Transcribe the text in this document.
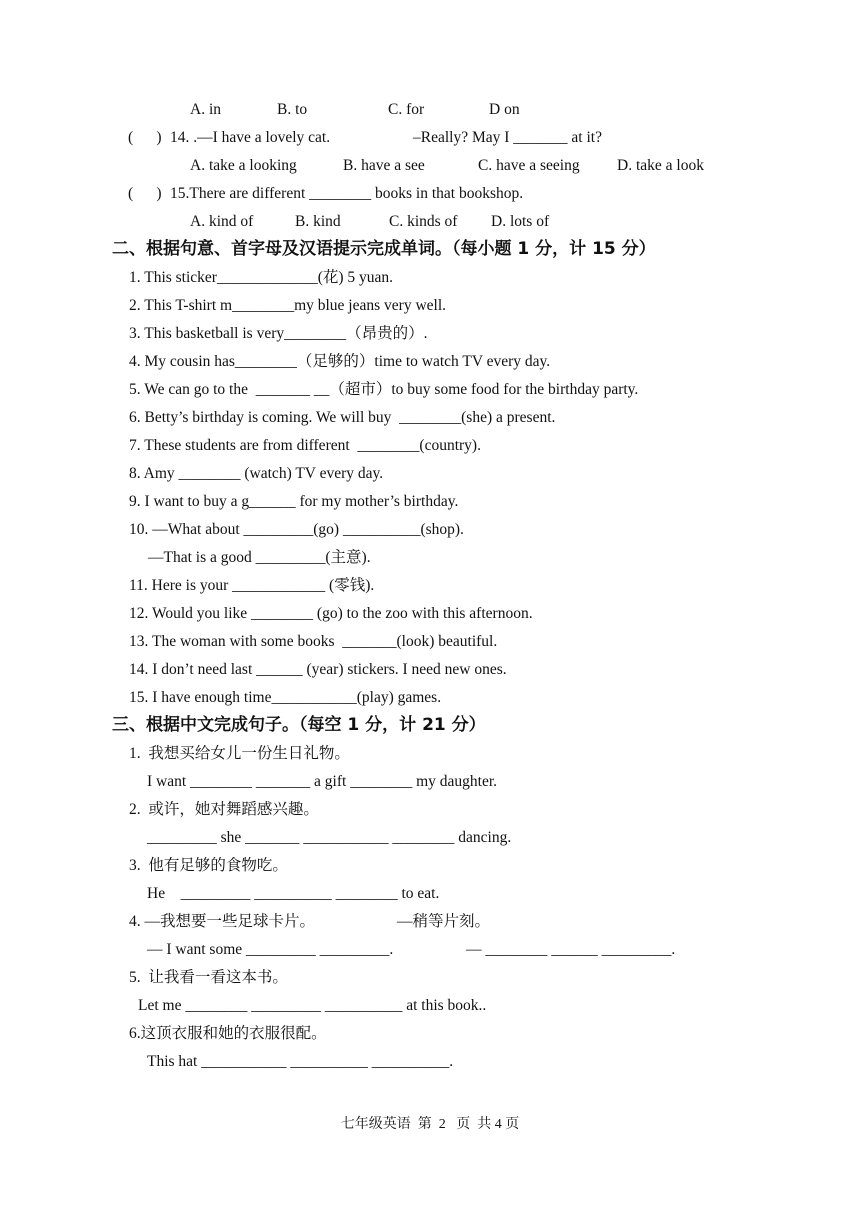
A. in	B. to	C. for	D on
(      ) 14. .—I have a lovely cat.	–Really? May I _______ at it?
A. take a looking	B. have a see	C. have a seeing D. take a look
(      ) 15.There are different ________ books in that bookshop.
A. kind of	B. kind	C. kinds of D. lots of
二、根据句意、首字母及汉语提示完成单词。（每小题 1 分，计 15 分）
1. This sticker_____________(花) 5 yuan.
2. This T-shirt m________my blue jeans very well.
3. This basketball is very________（昂贵的）.
4. My cousin has________（足够的）time to watch TV every day.
5. We can go to the  _______ __（超市）to buy some food for the birthday party.
6. Betty’s birthday is coming. We will buy  ________(she) a present.
7. These students are from different  ________(country).
8. Amy ________ (watch) TV every day.
9. I want to buy a g______ for my mother’s birthday.
10. —What about _________(go) __________(shop).
—That is a good _________(主意).
11. Here is your ____________ (零钱).
12. Would you like ________ (go) to the zoo with this afternoon.
13. The woman with some books  _______(look) beautiful.
14. I don’t need last ______ (year) stickers. I need new ones.
15. I have enough time___________(play) games.
三、根据中文完成句子。（每空 1 分，计 21 分）
1.  我想买给女儿一份生日礼物。
I want ________ _______ a gift ________ my daughter.
2.  或许，她对舞蹈感兴趣。
_________ she _______ ___________ ________ dancing.
3.  他有足够的食物吃。
He    _________ __________ ________ to eat.
4. —我想要一些足球卡片。	—稍等片刻。
— I want some _________ _________.	— ________ ______ _________.
5.  让我看一看这本书。
Let me ________ _________ __________ at this book..
6.这顶衣服和她的衣服很配。
This hat ___________ __________ __________.
七年级英语  第  2   页  共 4 页
